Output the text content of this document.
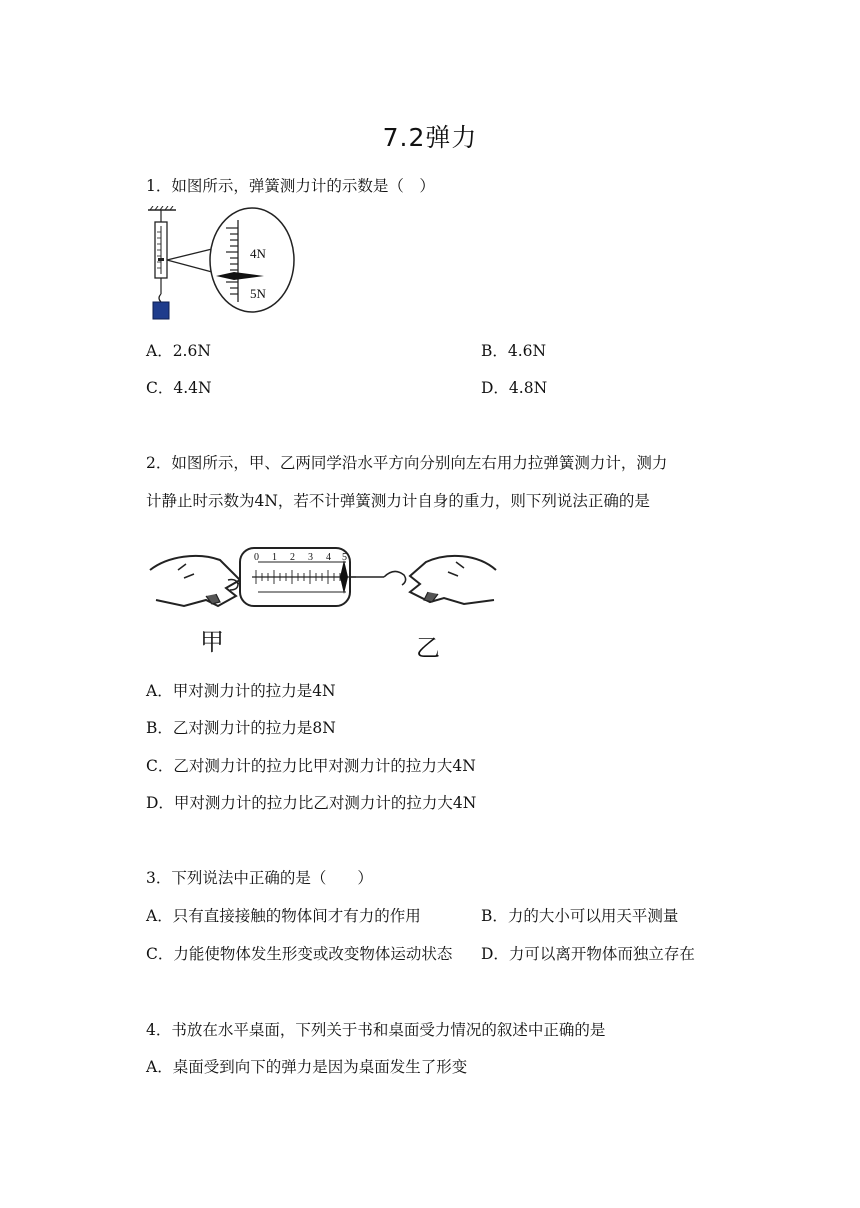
7.2弹力
1．如图所示，弹簧测力计的示数是（　）
4N
5N
A．2.6N	B．4.6N
C．4.4N	D．4.8N
2．如图所示，甲、乙两同学沿水平方向分别向左右用力拉弹簧测力计，测力
计静止时示数为4N，若不计弹簧测力计自身的重力，则下列说法正确的是
0 1 2 3 4 5
甲	乙
A．甲对测力计的拉力是4N
B．乙对测力计的拉力是8N
C．乙对测力计的拉力比甲对测力计的拉力大4N
D．甲对测力计的拉力比乙对测力计的拉力大4N
3．下列说法中正确的是（　　）
A．只有直接接触的物体间才有力的作用	B．力的大小可以用天平测量
C．力能使物体发生形变或改变物体运动状态 D．力可以离开物体而独立存在
4．书放在水平桌面，下列关于书和桌面受力情况的叙述中正确的是
A．桌面受到向下的弹力是因为桌面发生了形变
